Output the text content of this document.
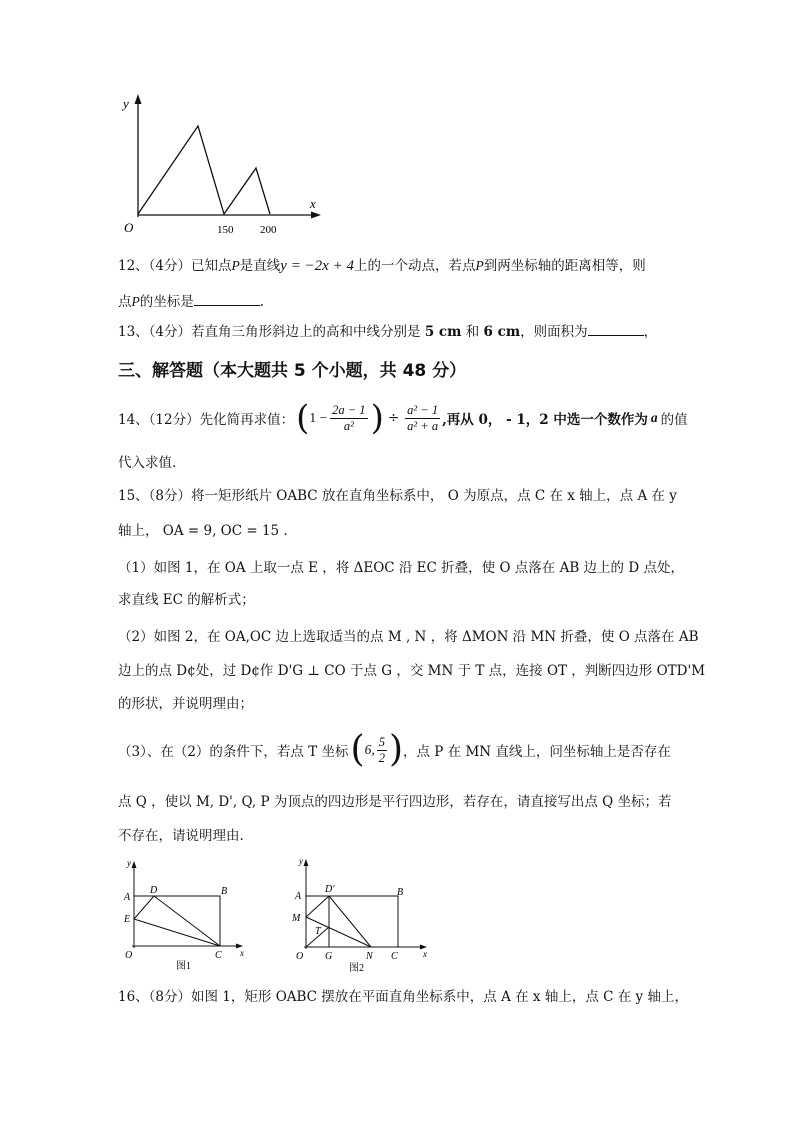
y
x
O	150 200
12、（4分）已知点P是直线y = −2x + 4上的一个动点，若点P到两坐标轴的距离相等，则
点P的坐标是	.
13、（4分）若直角三角形斜边上的高和中线分别是 5 cm 和 6 cm，则面积为	，
三、解答题（本大题共 5 个小题，共 48 分）
14、（12分）先化简再求值： ( $1 - \frac{2a - 1}{\text{a²}}$ ) ÷ $\frac{\text{a² − 1}}{\text{a² + a}}$ ,再从 0， - 1，2 中选一个数作为 a 的值
代入求值.
15、（8分）将一矩形纸片 OABC 放在直角坐标系中， O 为原点，点 C 在 x 轴上，点 A 在 y
轴上， OA = 9, OC = 15 .
（1）如图 1，在 OA 上取一点 E ，将 ΔEOC 沿 EC 折叠，使 O 点落在 AB 边上的 D 点处，
求直线 EC 的解析式；
（2）如图 2，在 OA,OC 边上选取适当的点 M , N ，将 ΔMON 沿 MN 折叠，使 O 点落在 AB
边上的点 D¢处，过 D¢作 D'G ⊥ CO 于点 G ，交 MN 于 T 点，连接 OT ，判断四边形 OTD'M
的形状，并说明理由；
（3）、在（2）的条件下，若点 T 坐标 ( 6,
5
2 ) ，点 P 在 MN 直线上，问坐标轴上是否存在
点 Q ，使以 M, D', Q, P 为顶点的四边形是平行四边形，若存在，请直接写出点 Q 坐标；若
不存在，请说明理由.
y
A
D	B
E
O	C x
图1
y
A
D'	B
M
T
O G	N C	x
图2
16、（8分）如图 1，矩形 OABC 摆放在平面直角坐标系中，点 A 在 x 轴上，点 C 在 y 轴上，
